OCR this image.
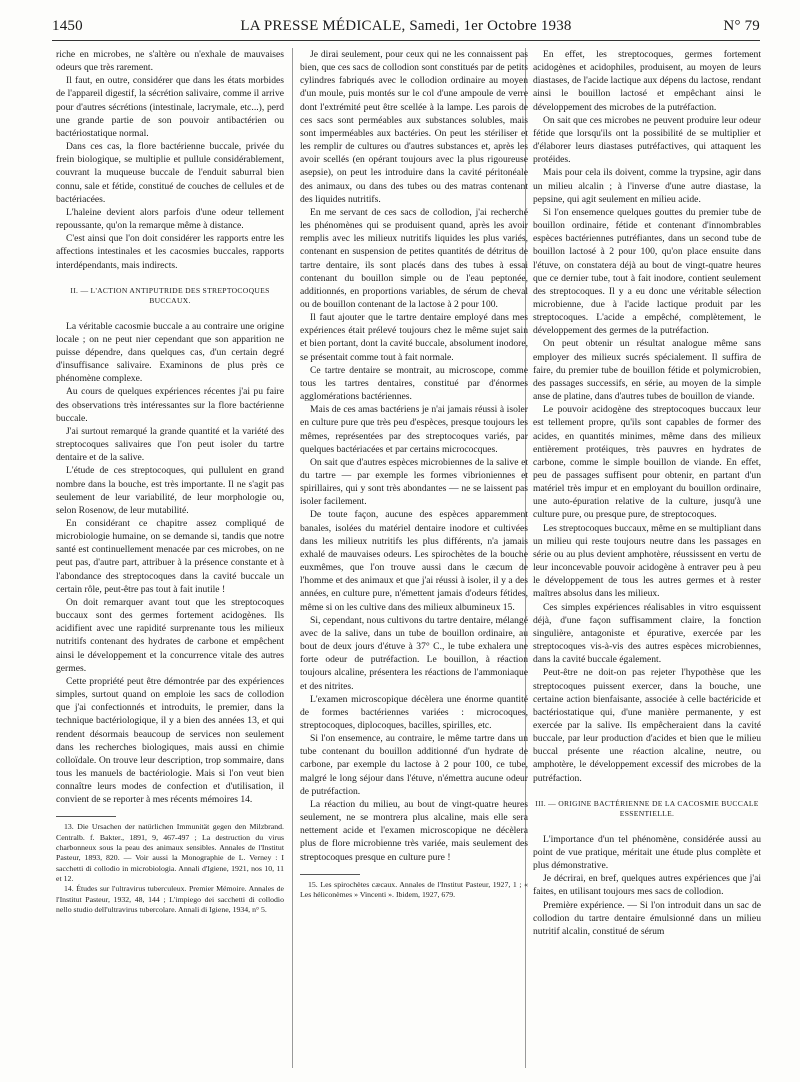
1450	LA PRESSE MÉDICALE, Samedi, 1er Octobre 1938	N° 79

riche en microbes, ne s'altère ou n'exhale de mauvaises odeurs que très rarement.

Il faut, en outre, considérer que dans les états morbides de l'appareil digestif, la sécrétion salivaire, comme il arrive pour d'autres sécrétions (intestinale, lacrymale, etc...), perd une grande partie de son pouvoir antibactérien ou bactériostatique normal.

Dans ces cas, la flore bactérienne buccale, privée du frein biologique, se multiplie et pullule considérablement, couvrant la muqueuse buccale de l'enduit saburral bien connu, sale et fétide, constitué de couches de cellules et de bactériacées.

L'haleine devient alors parfois d'une odeur tellement repoussante, qu'on la remarque même à distance.

C'est ainsi que l'on doit considérer les rapports entre les affections intestinales et les cacosmies buccales, rapports interdépendants, mais indirects.

II. — L'ACTION ANTIPUTRIDE DES STREPTOCOQUES BUCCAUX.

La véritable cacosmie buccale a au contraire une origine locale ; on ne peut nier cependant que son apparition ne puisse dépendre, dans quelques cas, d'un certain degré d'insuffisance salivaire. Examinons de plus près ce phénomène complexe.

Au cours de quelques expériences récentes j'ai pu faire des observations très intéressantes sur la flore bactérienne buccale.

J'ai surtout remarqué la grande quantité et la variété des streptocoques salivaires que l'on peut isoler du tartre dentaire et de la salive.

L'étude de ces streptocoques, qui pullulent en grand nombre dans la bouche, est très importante. Il ne s'agit pas seulement de leur variabilité, de leur morphologie ou, selon Rosenow, de leur mutabilité.

En considérant ce chapitre assez compliqué de microbiologie humaine, on se demande si, tandis que notre santé est continuellement menacée par ces microbes, on ne peut pas, d'autre part, attribuer à la présence constante et à l'abondance des streptocoques dans la cavité buccale un certain rôle, peut-être pas tout à fait inutile !

On doit remarquer avant tout que les streptocoques buccaux sont des germes fortement acidogènes. Ils acidifient avec une rapidité surprenante tous les milieux nutritifs contenant des hydrates de carbone et empêchent ainsi le développement et la concurrence vitale des autres germes.

Cette propriété peut être démontrée par des expériences simples, surtout quand on emploie les sacs de collodion que j'ai confectionnés et introduits, le premier, dans la technique bactériologique, il y a bien des années 13, et qui rendent désormais beaucoup de services non seulement dans les recherches biologiques, mais aussi en chimie colloïdale. On trouve leur description, trop sommaire, dans tous les manuels de bactériologie. Mais si l'on veut bien connaître leurs modes de confection et d'utilisation, il convient de se reporter à mes récents mémoires 14.

13. Die Ursachen der natürlichen Immunität gegen den Milzbrand. Centralb. f. Bakter., 1891, 9, 467-497 ; La destruction du virus charbonneux sous la peau des animaux sensibles. Annales de l'Institut Pasteur, 1893, 820. — Voir aussi la Monographie de L. Verney : I sacchetti di collodio in microbiologia. Annali d'Igiene, 1921, nos 10, 11 et 12.

14. Études sur l'ultravirus tuberculeux. Premier Mémoire. Annales de l'Institut Pasteur, 1932, 48, 144 ; L'impiego dei sacchetti di collodio nello studio dell'ultravirus tubercolare. Annali di Igiene, 1934, n° 5.

Je dirai seulement, pour ceux qui ne les connaissent pas bien, que ces sacs de collodion sont constitués par de petits cylindres fabriqués avec le collodion ordinaire au moyen d'un moule, puis montés sur le col d'une ampoule de verre dont l'extrémité peut être scellée à la lampe. Les parois de ces sacs sont perméables aux substances solubles, mais sont imperméables aux bactéries. On peut les stériliser et les remplir de cultures ou d'autres substances et, après les avoir scellés (en opérant toujours avec la plus rigoureuse asepsie), on peut les introduire dans la cavité péritonéale des animaux, ou dans des tubes ou des matras contenant des liquides nutritifs.

En me servant de ces sacs de collodion, j'ai recherché les phénomènes qui se produisent quand, après les avoir remplis avec les milieux nutritifs liquides les plus variés, contenant en suspension de petites quantités de détritus de tartre dentaire, ils sont placés dans des tubes à essai contenant du bouillon simple ou de l'eau peptonée, additionnés, en proportions variables, de sérum de cheval ou de bouillon contenant de la lactose à 2 pour 100.

Il faut ajouter que le tartre dentaire employé dans mes expériences était prélevé toujours chez le même sujet sain et bien portant, dont la cavité buccale, absolument inodore, se présentait comme tout à fait normale.

Ce tartre dentaire se montrait, au microscope, comme tous les tartres dentaires, constitué par d'énormes agglomérations bactériennes.

Mais de ces amas bactériens je n'ai jamais réussi à isoler en culture pure que très peu d'espèces, presque toujours les mêmes, représentées par des streptocoques variés, par quelques bactériacées et par certains micrococques.

On sait que d'autres espèces microbiennes de la salive et du tartre — par exemple les formes vibrioniennes et spirillaires, qui y sont très abondantes — ne se laissent pas isoler facilement.

De toute façon, aucune des espèces apparemment banales, isolées du matériel dentaire inodore et cultivées dans les milieux nutritifs les plus différents, n'a jamais exhalé de mauvaises odeurs. Les spirochètes de la bouche euxmêmes, que l'on trouve aussi dans le cæcum de l'homme et des animaux et que j'ai réussi à isoler, il y a des années, en culture pure, n'émettent jamais d'odeurs fétides, même si on les cultive dans des milieux albumineux 15.

Si, cependant, nous cultivons du tartre dentaire, mélangé avec de la salive, dans un tube de bouillon ordinaire, au bout de deux jours d'étuve à 37° C., le tube exhalera une forte odeur de putréfaction. Le bouillon, à réaction toujours alcaline, présentera les réactions de l'ammoniaque et des nitrites.

L'examen microscopique décèlera une énorme quantité de formes bactériennes variées : microcoques, streptocoques, diplocoques, bacilles, spirilles, etc.

Si l'on ensemence, au contraire, le même tartre dans un tube contenant du bouillon additionné d'un hydrate de carbone, par exemple du lactose à 2 pour 100, ce tube, malgré le long séjour dans l'étuve, n'émettra aucune odeur de putréfaction.

La réaction du milieu, au bout de vingt-quatre heures seulement, ne se montrera plus alcaline, mais elle sera nettement acide et l'examen microscopique ne décèlera plus de flore microbienne très variée, mais seulement des streptocoques presque en culture pure !

15. Les spirochètes cæcaux. Annales de l'Institut Pasteur, 1927, 1 ; « Les héliconèmes » Vincenti ». Ibidem, 1927, 679.

En effet, les streptocoques, germes fortement acidogènes et acidophiles, produisent, au moyen de leurs diastases, de l'acide lactique aux dépens du lactose, rendant ainsi le bouillon lactosé et empêchant ainsi le développement des microbes de la putréfaction.

On sait que ces microbes ne peuvent produire leur odeur fétide que lorsqu'ils ont la possibilité de se multiplier et d'élaborer leurs diastases putréfactives, qui attaquent les protéides.

Mais pour cela ils doivent, comme la trypsine, agir dans un milieu alcalin ; à l'inverse d'une autre diastase, la pepsine, qui agit seulement en milieu acide.

Si l'on ensemence quelques gouttes du premier tube de bouillon ordinaire, fétide et contenant d'innombrables espèces bactériennes putréfiantes, dans un second tube de bouillon lactosé à 2 pour 100, qu'on place ensuite dans l'étuve, on constatera déjà au bout de vingt-quatre heures que ce dernier tube, tout à fait inodore, contient seulement des streptocoques. Il y a eu donc une véritable sélection microbienne, due à l'acide lactique produit par les streptocoques. L'acide a empêché, complètement, le développement des germes de la putréfaction.

On peut obtenir un résultat analogue même sans employer des milieux sucrés spécialement. Il suffira de faire, du premier tube de bouillon fétide et polymicrobien, des passages successifs, en série, au moyen de la simple anse de platine, dans d'autres tubes de bouillon de viande.

Le pouvoir acidogène des streptocoques buccaux leur est tellement propre, qu'ils sont capables de former des acides, en quantités minimes, même dans des milieux entièrement protéiques, très pauvres en hydrates de carbone, comme le simple bouillon de viande. En effet, peu de passages suffisent pour obtenir, en partant d'un matériel très impur et en employant du bouillon ordinaire, une auto-épuration relative de la culture, jusqu'à une culture pure, ou presque pure, de streptocoques.

Les streptocoques buccaux, même en se multipliant dans un milieu qui reste toujours neutre dans les passages en série ou au plus devient amphotère, réussissent en vertu de leur inconcevable pouvoir acidogène à entraver peu à peu le développement de tous les autres germes et à rester maîtres absolus dans les milieux.

Ces simples expériences réalisables in vitro esquissent déjà, d'une façon suffisamment claire, la fonction singulière, antagoniste et épurative, exercée par les streptocoques vis-à-vis des autres espèces microbiennes, dans la cavité buccale également.

Peut-être ne doit-on pas rejeter l'hypothèse que les streptocoques puissent exercer, dans la bouche, une certaine action bienfaisante, associée à celle bactéricide et bactériostatique qui, d'une manière permanente, y est exercée par la salive. Ils empêcheraient dans la cavité buccale, par leur production d'acides et bien que le milieu buccal présente une réaction alcaline, neutre, ou amphotère, le développement excessif des microbes de la putréfaction.

III. — ORIGINE BACTÉRIENNE DE LA CACOSMIE BUCCALE ESSENTIELLE.

L'importance d'un tel phénomène, considérée aussi au point de vue pratique, méritait une étude plus complète et plus démonstrative.

Je décrirai, en bref, quelques autres expériences que j'ai faites, en utilisant toujours mes sacs de collodion.

Première expérience. — Si l'on introduit dans un sac de collodion du tartre dentaire émulsionné dans un milieu nutritif alcalin, constitué de sérum
